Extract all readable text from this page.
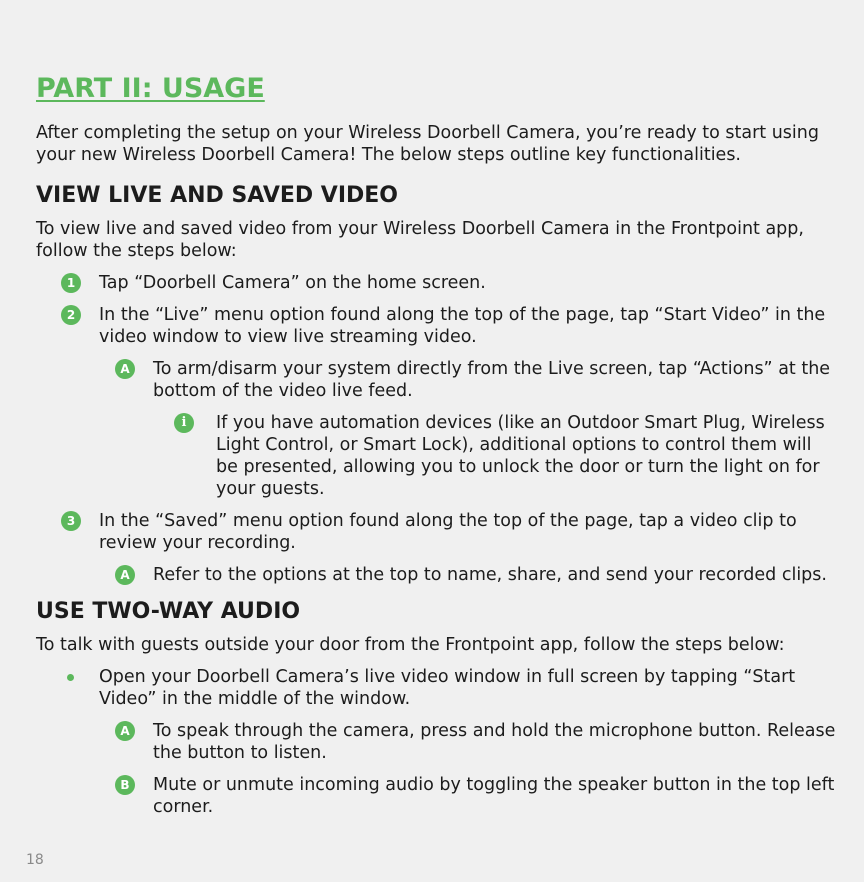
PART II: USAGE

After completing the setup on your Wireless Doorbell Camera, you’re ready to start using your new Wireless Doorbell Camera! The below steps outline key functionalities.

VIEW LIVE AND SAVED VIDEO

To view live and saved video from your Wireless Doorbell Camera in the Frontpoint app, follow the steps below:

1	Tap “Doorbell Camera” on the home screen.
2	In the “Live” menu option found along the top of the page, tap “Start Video” in the video window to view live streaming video.
A	To arm/disarm your system directly from the Live screen, tap “Actions” at the bottom of the video live feed.
i	If you have automation devices (like an Outdoor Smart Plug, Wireless Light Control, or Smart Lock), additional options to control them will be presented, allowing you to unlock the door or turn the light on for your guests.
3	In the “Saved” menu option found along the top of the page, tap a video clip to review your recording.
A	Refer to the options at the top to name, share, and send your recorded clips.
USE TWO-WAY AUDIO

To talk with guests outside your door from the Frontpoint app, follow the steps below:

Open your Doorbell Camera’s live video window in full screen by tapping “Start Video” in the middle of the window.
A	To speak through the camera, press and hold the microphone button. Release the button to listen.
B	Mute or unmute incoming audio by toggling the speaker button in the top left corner.
18
